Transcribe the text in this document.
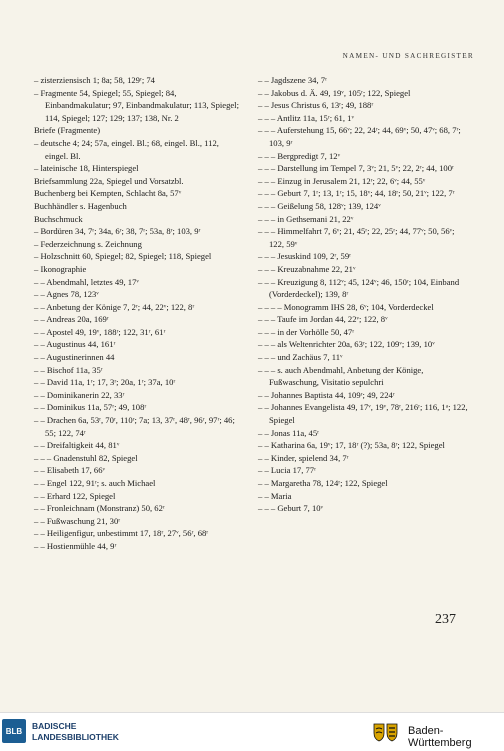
NAMEN- UND SACHREGISTER
– zisterziensisch 1; 8a; 58, 129ʳ; 74
– Fragmente 54, Spiegel; 55, Spiegel; 84, Einbandmakulatur; 97, Einbandmakulatur; 113, Spiegel; 114, Spiegel; 127; 129; 137; 138, Nr. 2
Briefe (Fragmente)
– deutsche 4; 24; 57a, eingel. Bl.; 68, eingel. Bl., 112, eingel. Bl.
– lateinische 18, Hinterspiegel
Briefsammlung 22a, Spiegel und Vorsatzbl.
Buchenberg bei Kempten, Schlacht 8a, 57ᵛ
Buchhändler s. Hagenbuch
Buchschmuck
– Bordüren 34, 7ʳ; 34a, 6ʳ; 38, 7ʳ; 53a, 8ʳ; 103, 9ʳ
– Federzeichnung s. Zeichnung
– Holzschnitt 60, Spiegel; 82, Spiegel; 118, Spiegel
– Ikonographie
– – Abendmahl, letztes 49, 17ᵛ
– – Agnes 78, 123ᵛ
– – Anbetung der Könige 7, 2ʳ; 44, 22ᵛ; 122, 8ʳ
– – Andreas 20a, 169ʳ
– – Apostel 49, 19ᵛ, 188ʳ; 122, 31ʳ, 61ʳ
– – Augustinus 44, 161ʳ
– – Augustinerinnen 44
– – Bischof 11a, 35ʳ
– – David 11a, 1ʳ; 17, 3ʳ; 20a, 1ʳ; 37a, 10ʳ
– – Dominikanerin 22, 33ʳ
– – Dominikus 11a, 57ʳ; 49, 108ʳ
– – Drachen 6a, 53ʳ, 70ʳ, 110ʳ; 7a; 13, 37ʳ, 48ʳ, 96ʳ, 97ʳ; 46; 55; 122, 74ʳ
– – Dreifaltigkeit 44, 81ᵛ
– – – Gnadenstuhl 82, Spiegel
– – Elisabeth 17, 66ᵛ
– – Engel 122, 91ʳ; s. auch Michael
– – Erhard 122, Spiegel
– – Fronleichnam (Monstranz) 50, 62ʳ
– – Fußwaschung 21, 30ʳ
– – Heiligenfigur, unbestimmt 17, 18ʳ, 27ᵛ, 56ʳ, 68ʳ
– – Hostienmühle 44, 9ʳ
– – Jagdszene 34, 7ʳ
– – Jakobus d. Ä. 49, 19ᵛ, 105ʳ; 122, Spiegel
– – Jesus Christus 6, 13ʳ; 49, 188ʳ
– – – Antlitz 11a, 15ʳ; 61, 1ᵛ
– – – Auferstehung 15, 66ᵛ; 22, 24ʳ; 44, 69ᵛ; 50, 47ᵛ; 68, 7ʳ; 103, 9ʳ
– – – Bergpredigt 7, 12ᵛ
– – – Darstellung im Tempel 7, 3ᵛ; 21, 5ᵛ; 22, 2ʳ; 44, 100ʳ
– – – Einzug in Jerusalem 21, 12ʳ; 22, 6ᵛ; 44, 55ᵛ
– – – Geburt 7, 1ʳ; 13, 1ʳ; 15, 18ᵛ; 44, 18ʳ; 50, 21ᵛ; 122, 7ʳ
– – – Geißelung 58, 128ᵛ; 139, 124ᵛ
– – – in Gethsemani 21, 22ᵛ
– – – Himmelfahrt 7, 6ᵛ; 21, 45ʳ; 22, 25ʳ; 44, 77ᵛ; 50, 56ᵛ; 122, 59ᵛ
– – – Jesuskind 109, 2ʳ, 59ʳ
– – – Kreuzabnahme 22, 21ᵛ
– – – Kreuzigung 8, 112ᵛ; 45, 124ᵛ; 46, 150ʳ; 104, Einband (Vorderdeckel); 139, 8ʳ
– – – – Monogramm IHS 28, 6ᵛ; 104, Vorderdeckel
– – – Taufe im Jordan 44, 22ᵛ; 122, 8ᵛ
– – – in der Vorhölle 50, 47ʳ
– – – als Weltenrichter 20a, 63ʳ; 122, 109ᵛ; 139, 10ᵛ
– – – und Zachäus 7, 11ᵛ
– – – s. auch Abendmahl, Anbetung der Könige, Fußwaschung, Visitatio sepulchri
– – Johannes Baptista 44, 109ʳ; 49, 224ʳ
– – Johannes Evangelista 49, 17ᵛ, 19ᵛ, 78ʳ, 216ʳ; 116, 1ᵃ; 122, Spiegel
– – Jonas 11a, 45ʳ
– – Katharina 6a, 19ᵛ; 17, 18ʳ (?); 53a, 8ʳ; 122, Spiegel
– – Kinder, spielend 34, 7ʳ
– – Lucia 17, 77ʳ
– – Margaretha 78, 124ʳ; 122, Spiegel
– – Maria
– – – Geburt 7, 10ᵛ
237
BLB	BADISCHE
LANDESBIBLIOTHEK	Baden-Württemberg
